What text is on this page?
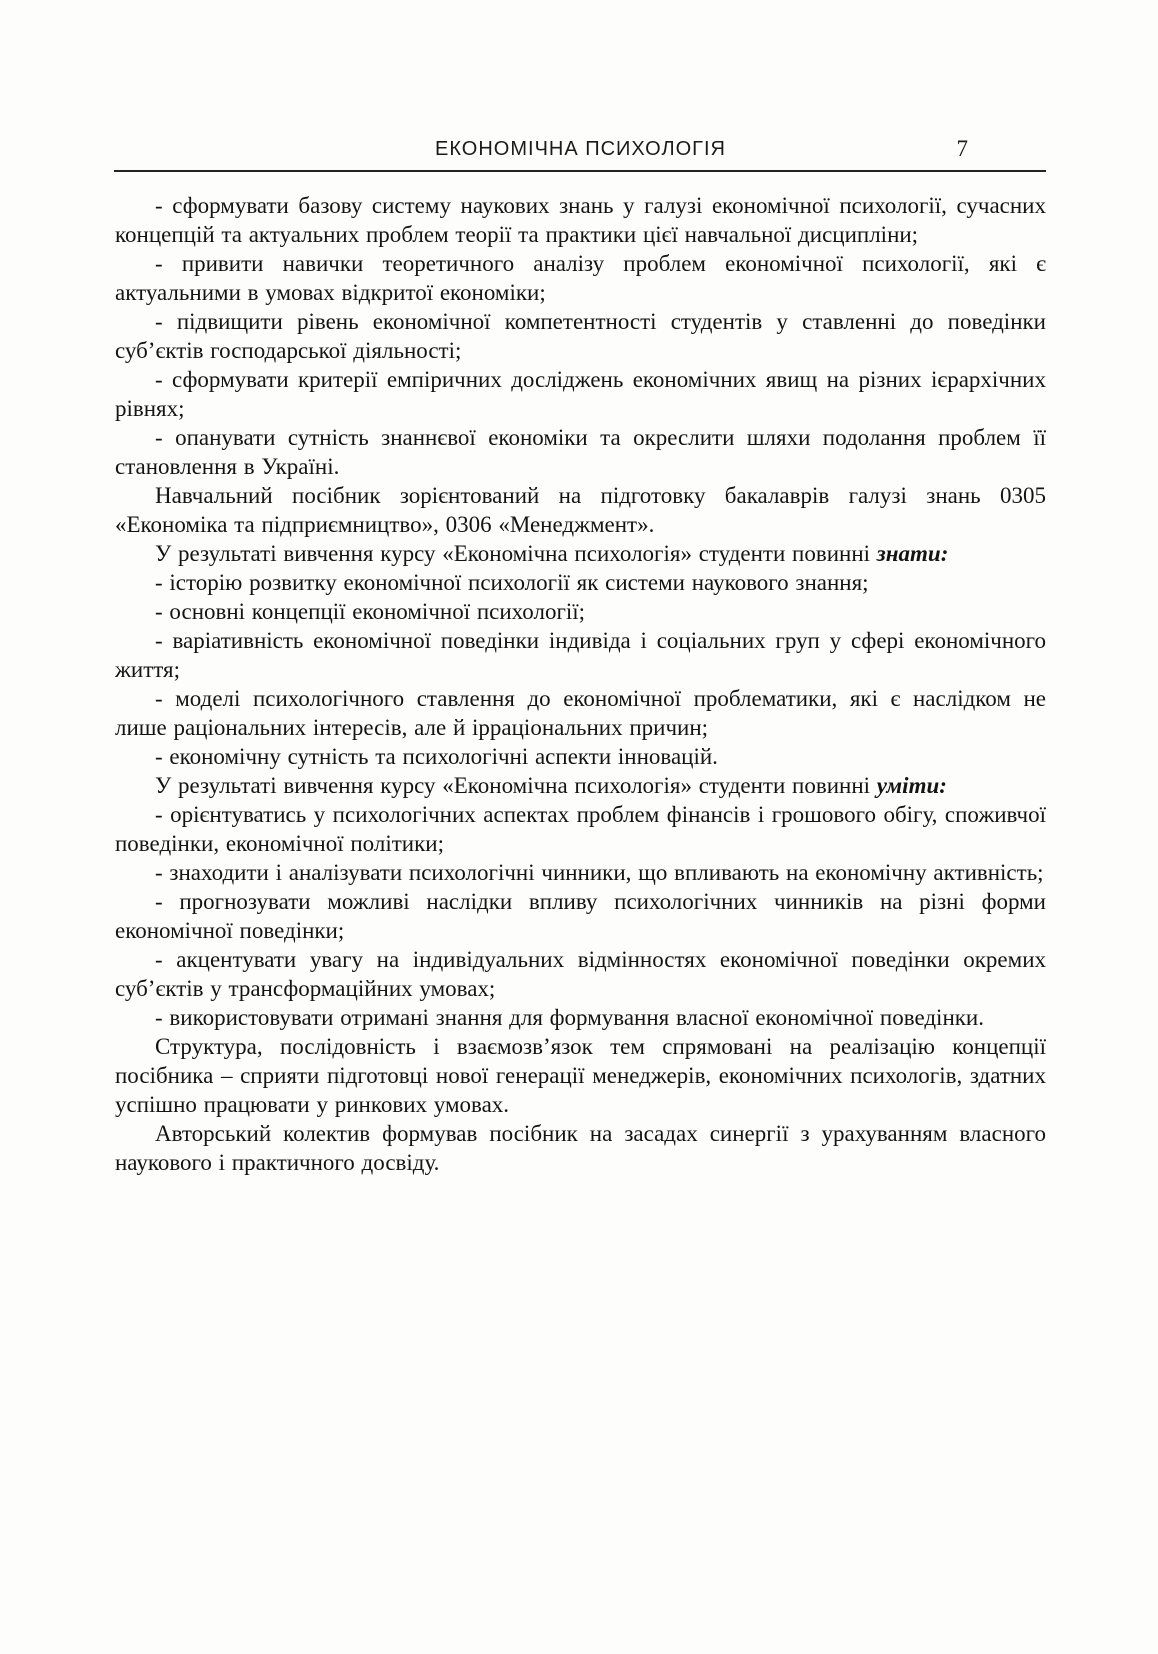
ЕКОНОМІЧНА ПСИХОЛОГІЯ	7

- сформувати базову систему наукових знань у галузі економічної психології, сучасних концепцій та актуальних проблем теорії та практики цієї навчальної дисципліни;

- привити навички теоретичного аналізу проблем економічної психології, які є актуальними в умовах відкритої економіки;

- підвищити рівень економічної компетентності студентів у ставленні до поведінки суб’єктів господарської діяльності;

- сформувати критерії емпіричних досліджень економічних явищ на різних ієрархічних рівнях;

- опанувати сутність знаннєвої економіки та окреслити шляхи подолання проблем її становлення в Україні.

Навчальний посібник зорієнтований на підготовку бакалаврів галузі знань 0305 «Економіка та підприємництво», 0306 «Менеджмент».

У результаті вивчення курсу «Економічна психологія» студенти повинні знати:

- історію розвитку економічної психології як системи наукового знання;

- основні концепції економічної психології;

- варіативність економічної поведінки індивіда і соціальних груп у сфері економічного життя;

- моделі психологічного ставлення до економічної проблематики, які є наслідком не лише раціональних інтересів, але й ірраціональних причин;

- економічну сутність та психологічні аспекти інновацій.

У результаті вивчення курсу «Економічна психологія» студенти повинні уміти:

- орієнтуватись у психологічних аспектах проблем фінансів і грошового обігу, споживчої поведінки, економічної політики;

- знаходити і аналізувати психологічні чинники, що впливають на економічну активність;

- прогнозувати можливі наслідки впливу психологічних чинників на різні форми економічної поведінки;

- акцентувати увагу на індивідуальних відмінностях економічної поведінки окремих суб’єктів у трансформаційних умовах;

- використовувати отримані знання для формування власної економічної поведінки.

Структура, послідовність і взаємозв’язок тем спрямовані на реалізацію концепції посібника – сприяти підготовці нової генерації менеджерів, економічних психологів, здатних успішно працювати у ринкових умовах.

Авторський колектив формував посібник на засадах синергії з урахуванням власного наукового і практичного досвіду.
